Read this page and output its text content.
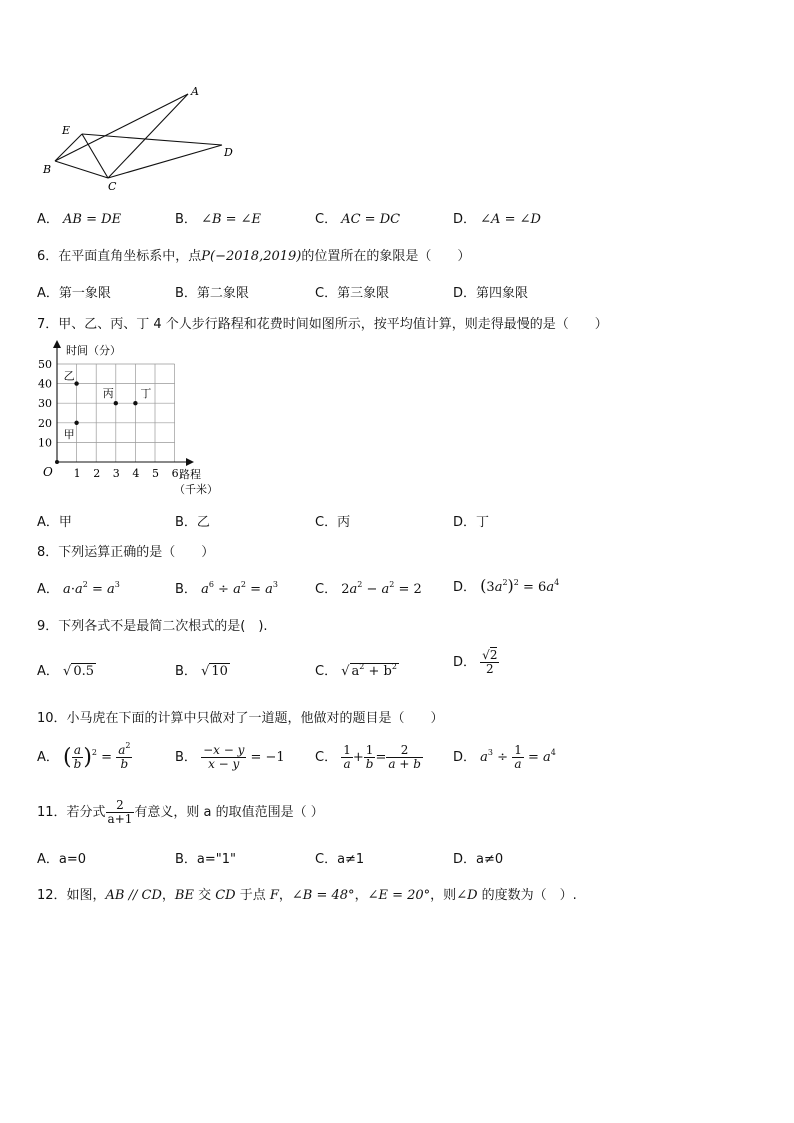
A
E
B
C
D
A． AB = DE	B． ∠B = ∠E	C． AC = DC	D． ∠A = ∠D
6．在平面直角坐标系中，点P(−2018,2019)的位置所在的象限是（　　）
A．第一象限	B．第二象限	C．第三象限	D．第四象限
7．甲、乙、丙、丁 4 个人步行路程和花费时间如图所示，按平均值计算，则走得最慢的是（　　）
1 2 3 4 5 6
10
20
30
40
50
甲
乙
丙 丁
时间（分）
路程
（千米）
O
A．甲	B．乙	C．丙	D．丁
8．下列运算正确的是（　　）
A． $a\cdot a^2 = a^3$	B． $a^6 \div a^2 = a^3$	C． $2a^2 - a^2 = 2$ D． $(3a^2)^2 = 6a^4$
9．下列各式不是最简二次根式的是(　).
A． √ 0.5	B． √ 10	C． √ $a^2 + b^2$	D． $\frac{√2}{2}$
10．小马虎在下面的计算中只做对了一道题，他做对的题目是（　　）
A． ( $\frac{a}{b} )^2 = \frac{a^2}{b}$	B． $\frac{-x - y}{x - y} = -1$ C． $\frac{1}{a} + \frac{1}{b} = \frac{2}{a + b}$ D． $a^3 \div \frac{1}{a} = a^4$
11．若分式 $\frac{2}{a+1}$ 有意义，则 a 的取值范围是（ ）
A．a=0	B．a="1"	C．a≠1	D．a≠0
12．如图，AB // CD，BE 交 CD 于点 F，∠B = 48°，∠E = 20°，则∠D 的度数为（　）.
